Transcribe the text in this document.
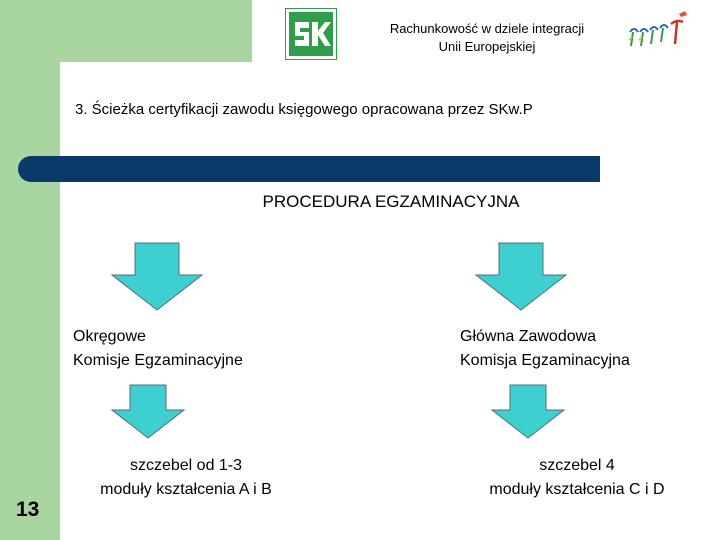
Rachunkowość w dziele integracji
Unii Europejskiej
3. Ścieżka certyfikacji zawodu księgowego opracowana przez SKw.P
PROCEDURA EGZAMINACYJNA
Okręgowe
Komisje Egzaminacyjne
Główna Zawodowa
Komisja Egzaminacyjna
szczebel od 1-3
moduły kształcenia A i B
szczebel 4
moduły kształcenia C i D
13
